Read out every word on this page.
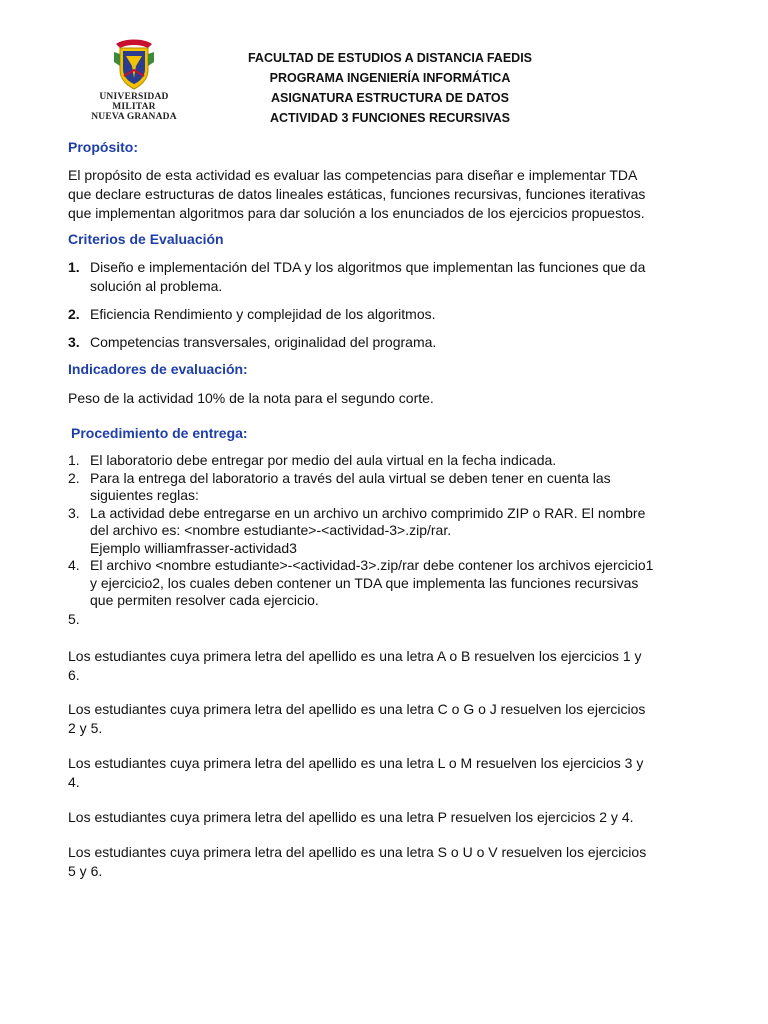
UNIVERSIDAD MILITAR
NUEVA GRANADA
FACULTAD DE ESTUDIOS A DISTANCIA FAEDIS
PROGRAMA INGENIERÍA INFORMÁTICA
ASIGNATURA ESTRUCTURA DE DATOS
ACTIVIDAD 3 FUNCIONES RECURSIVAS
Propósito:
El propósito de esta actividad es evaluar las competencias para diseñar e implementar TDA
que declare estructuras de datos lineales estáticas, funciones recursivas, funciones iterativas
que implementan algoritmos para dar solución a los enunciados de los ejercicios propuestos.
Criterios de Evaluación
1. Diseño e implementación del TDA y los algoritmos que implementan las funciones que da
solución al problema.
2. Eficiencia Rendimiento y complejidad de los algoritmos.
3. Competencias transversales, originalidad del programa.
Indicadores de evaluación:
Peso de la actividad 10% de la nota para el segundo corte.
Procedimiento de entrega:
1. El laboratorio debe entregar por medio del aula virtual en la fecha indicada.
2. Para la entrega del laboratorio a través del aula virtual se deben tener en cuenta las
siguientes reglas:
3. La actividad debe entregarse en un archivo un archivo comprimido ZIP o RAR. El nombre
del archivo es: <nombre estudiante>-<actividad-3>.zip/rar.
Ejemplo williamfrasser-actividad3
4. El archivo <nombre estudiante>-<actividad-3>.zip/rar debe contener los archivos ejercicio1
y ejercicio2, los cuales deben contener un TDA que implementa las funciones recursivas
que permiten resolver cada ejercicio.
5.
Los estudiantes cuya primera letra del apellido es una letra A o B resuelven los ejercicios 1 y
6.
Los estudiantes cuya primera letra del apellido es una letra C o G o J resuelven los ejercicios
2 y 5.
Los estudiantes cuya primera letra del apellido es una letra L o M resuelven los ejercicios 3 y
4.
Los estudiantes cuya primera letra del apellido es una letra P resuelven los ejercicios 2 y 4.
Los estudiantes cuya primera letra del apellido es una letra S o U o V resuelven los ejercicios
5 y 6.
